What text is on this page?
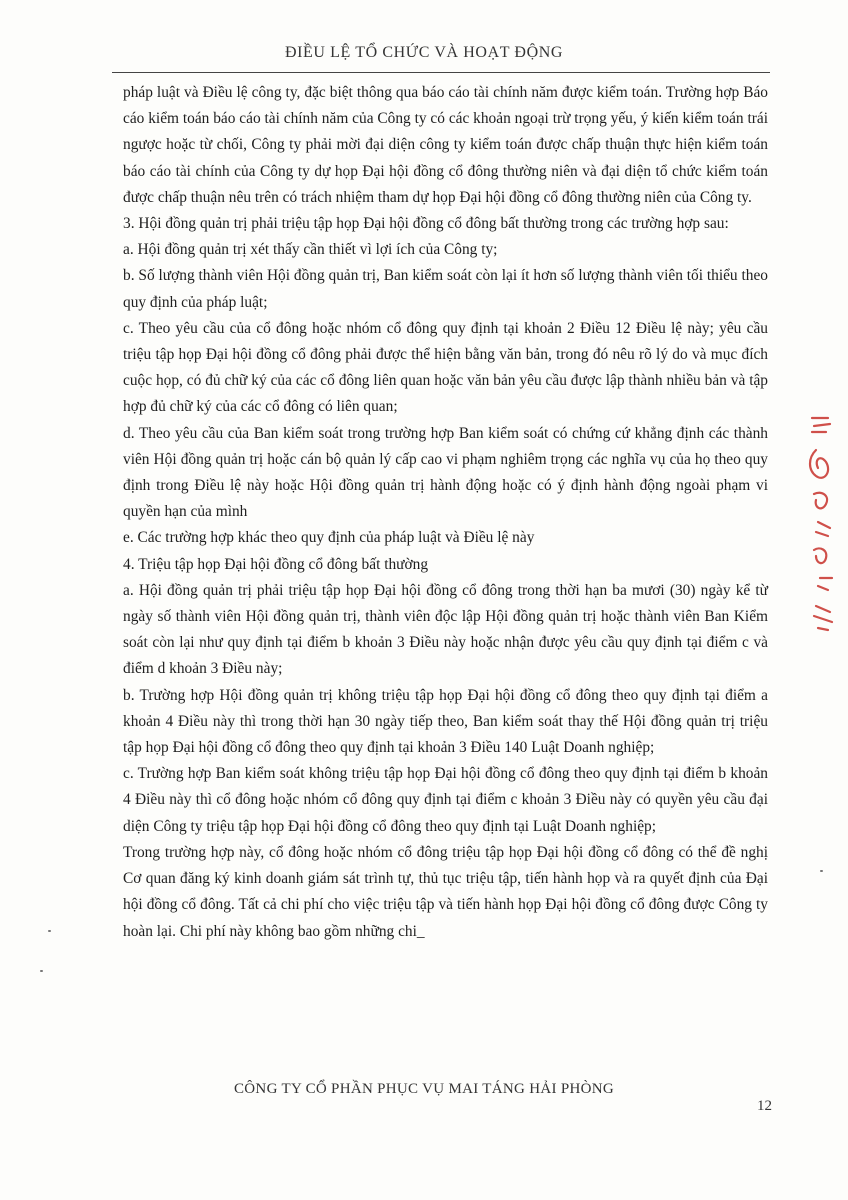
ĐIỀU LỆ TỔ CHỨC VÀ HOẠT ĐỘNG

pháp luật và Điều lệ công ty, đặc biệt thông qua báo cáo tài chính năm được kiểm toán. Trường hợp Báo cáo kiểm toán báo cáo tài chính năm của Công ty có các khoản ngoại trừ trọng yếu, ý kiến kiểm toán trái ngược hoặc từ chối, Công ty phải mời đại diện công ty kiểm toán được chấp thuận thực hiện kiểm toán báo cáo tài chính của Công ty dự họp Đại hội đồng cổ đông thường niên và đại diện tổ chức kiểm toán được chấp thuận nêu trên có trách nhiệm tham dự họp Đại hội đồng cổ đông thường niên của Công ty.

3. Hội đồng quản trị phải triệu tập họp Đại hội đồng cổ đông bất thường trong các trường hợp sau:

a. Hội đồng quản trị xét thấy cần thiết vì lợi ích của Công ty;

b. Số lượng thành viên Hội đồng quản trị, Ban kiểm soát còn lại ít hơn số lượng thành viên tối thiểu theo quy định của pháp luật;

c. Theo yêu cầu của cổ đông hoặc nhóm cổ đông quy định tại khoản 2 Điều 12 Điều lệ này; yêu cầu triệu tập họp Đại hội đồng cổ đông phải được thể hiện bằng văn bản, trong đó nêu rõ lý do và mục đích cuộc họp, có đủ chữ ký của các cổ đông liên quan hoặc văn bản yêu cầu được lập thành nhiều bản và tập hợp đủ chữ ký của các cổ đông có liên quan;

d. Theo yêu cầu của Ban kiểm soát trong trường hợp Ban kiểm soát có chứng cứ khẳng định các thành viên Hội đồng quản trị hoặc cán bộ quản lý cấp cao vi phạm nghiêm trọng các nghĩa vụ của họ theo quy định trong Điều lệ này hoặc Hội đồng quản trị hành động hoặc có ý định hành động ngoài phạm vi quyền hạn của mình

e. Các trường hợp khác theo quy định của pháp luật và Điều lệ này

4. Triệu tập họp Đại hội đồng cổ đông bất thường

a. Hội đồng quản trị phải triệu tập họp Đại hội đồng cổ đông trong thời hạn ba mươi (30) ngày kể từ ngày số thành viên Hội đồng quản trị, thành viên độc lập Hội đồng quản trị hoặc thành viên Ban Kiểm soát còn lại như quy định tại điểm b khoản 3 Điều này hoặc nhận được yêu cầu quy định tại điểm c và điểm d khoản 3 Điều này;

b. Trường hợp Hội đồng quản trị không triệu tập họp Đại hội đồng cổ đông theo quy định tại điểm a khoản 4 Điều này thì trong thời hạn 30 ngày tiếp theo, Ban kiểm soát thay thế Hội đồng quản trị triệu tập họp Đại hội đồng cổ đông theo quy định tại khoản 3 Điều 140 Luật Doanh nghiệp;

c. Trường hợp Ban kiểm soát không triệu tập họp Đại hội đồng cổ đông theo quy định tại điểm b khoản 4 Điều này thì cổ đông hoặc nhóm cổ đông quy định tại điểm c khoản 3 Điều này có quyền yêu cầu đại diện Công ty triệu tập họp Đại hội đồng cổ đông theo quy định tại Luật Doanh nghiệp;

Trong trường hợp này, cổ đông hoặc nhóm cổ đông triệu tập họp Đại hội đồng cổ đông có thể đề nghị Cơ quan đăng ký kinh doanh giám sát trình tự, thủ tục triệu tập, tiến hành họp và ra quyết định của Đại hội đồng cổ đông. Tất cả chi phí cho việc triệu tập và tiến hành họp Đại hội đồng cổ đông được Công ty hoàn lại. Chi phí này không bao gồm những chi_

CÔNG TY CỔ PHẦN PHỤC VỤ MAI TÁNG HẢI PHÒNG
12
